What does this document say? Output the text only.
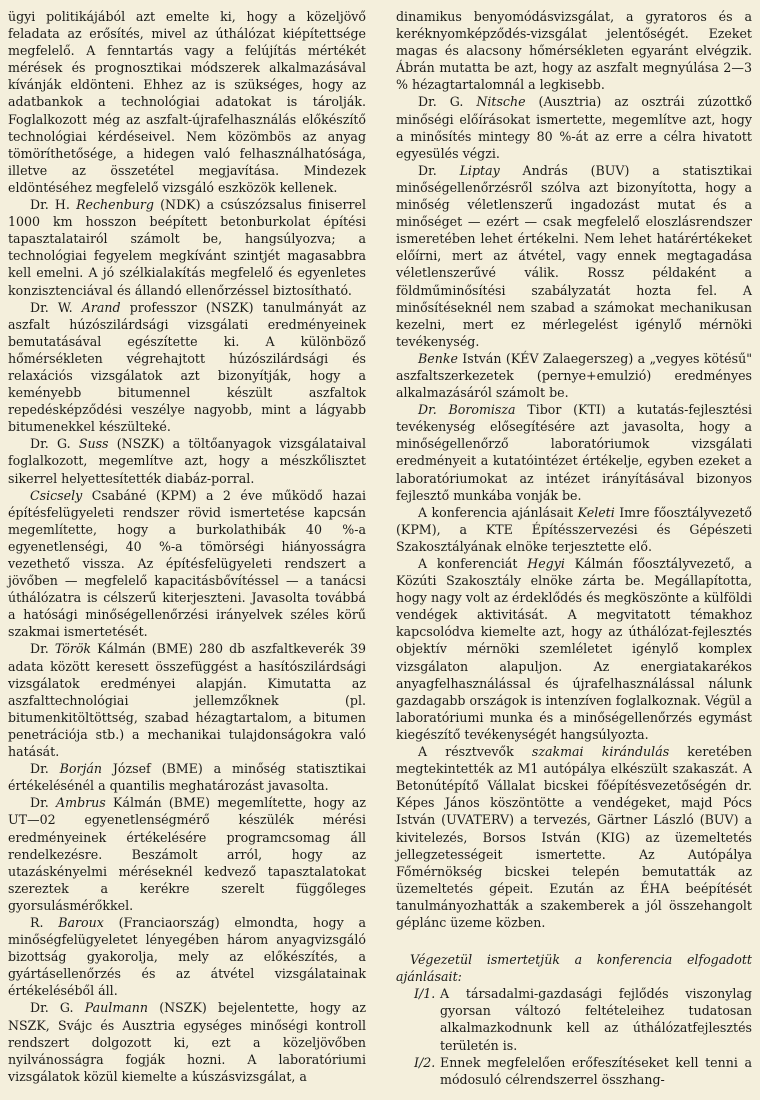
ügyi politikájából azt emelte ki, hogy a közeljövő feladata az erősítés, mivel az úthálózat kiépítettsége megfelelő. A fenntartás vagy a felújítás mértékét mérések és prognosztikai módszerek alkalmazásával kívánják eldönteni. Ehhez az is szükséges, hogy az adatbankok a technológiai adatokat is tárolják. Foglalkozott még az aszfalt-újrafelhasználás előkészítő technológiai kérdéseivel. Nem közömbös az anyag tömöríthetősége, a hidegen való felhasználhatósága, illetve az összetétel megjavítása. Mindezek eldöntéséhez megfelelő vizsgáló eszközök kellenek.

Dr. H. Rechenburg (NDK) a csúszózsalus finiserrel 1000 km hosszon beépített betonburkolat építési tapasztalatairól számolt be, hangsúlyozva; a technológiai fegyelem megkívánt szintjét magasabbra kell emelni. A jó szélkialakítás megfelelő és egyenletes konzisztenciával és állandó ellenőrzéssel biztosítható.

Dr. W. Arand professzor (NSZK) tanulmányát az aszfalt húzószilárdsági vizsgálati eredményeinek bemutatásával egészítette ki. A különböző hőmérsékleten végrehajtott húzószilárdsági és relaxációs vizsgálatok azt bizonyítják, hogy a keményebb bitumennel készült aszfaltok repedésképződési veszélye nagyobb, mint a lágyabb bitumenekkel készülteké.

Dr. G. Suss (NSZK) a töltőanyagok vizsgálataival foglalkozott, megemlítve azt, hogy a mészkőlisztet sikerrel helyettesítették diabáz-porral.

Csicsely Csabáné (KPM) a 2 éve működő hazai építésfelügyeleti rendszer rövid ismertetése kapcsán megemlítette, hogy a burkolathibák 40 %-a egyenetlenségi, 40 %-a tömörségi hiányosságra vezethető vissza. Az építésfelügyeleti rendszert a jövőben — megfelelő kapacitásbővítéssel — a tanácsi úthálózatra is célszerű kiterjeszteni. Javasolta továbbá a hatósági minőségellenőrzési irányelvek széles körű szakmai ismertetését.

Dr. Török Kálmán (BME) 280 db aszfaltkeverék 39 adata között keresett összefüggést a hasítószilárdsági vizsgálatok eredményei alapján. Kimutatta az aszfalttechnológiai jellemzőknek (pl. bitumenkitöltöttség, szabad hézagtartalom, a bitumen penetrációja stb.) a mechanikai tulajdonságokra való hatását.

Dr. Borján József (BME) a minőség statisztikai értékelésénél a quantilis meghatározást javasolta.

Dr. Ambrus Kálmán (BME) megemlítette, hogy az UT—02 egyenetlenségmérő készülék mérési eredményeinek értékelésére programcsomag áll rendelkezésre. Beszámolt arról, hogy az utazáskényelmi méréseknél kedvező tapasztalatokat szereztek a kerékre szerelt függőleges gyorsulásmérőkkel.

R. Baroux (Franciaország) elmondta, hogy a minőségfelügyeletet lényegében három anyagvizsgáló bizottság gyakorolja, mely az előkészítés, a gyártásellenőrzés és az átvétel vizsgálatainak értékeléséből áll.

Dr. G. Paulmann (NSZK) bejelentette, hogy az NSZK, Svájc és Ausztria egységes minőségi kontroll rendszert dolgozott ki, ezt a közeljövőben nyilvánosságra fogják hozni. A laboratóriumi vizsgálatok közül kiemelte a kúszásvizsgálat, a

dinamikus benyomódásvizsgálat, a gyratoros és a keréknyomképződés-vizsgálat jelentőségét. Ezeket magas és alacsony hőmérsékleten egyaránt elvégzik. Ábrán mutatta be azt, hogy az aszfalt megnyúlása 2—3 % hézagtartalomnál a legkisebb.

Dr. G. Nitsche (Ausztria) az osztrái zúzottkő minőségi előírásokat ismertette, megemlítve azt, hogy a minősítés mintegy 80 %-át az erre a célra hivatott egyesülés végzi.

Dr. Liptay András (BUV) a statisztikai minőségellenőrzésről szólva azt bizonyította, hogy a minőség véletlenszerű ingadozást mutat és a minőséget — ezért — csak megfelelő eloszlásrendszer ismeretében lehet értékelni. Nem lehet határértékeket előírni, mert az átvétel, vagy ennek megtagadása véletlenszerűvé válik. Rossz példaként a földműminősítési szabályzatát hozta fel. A minősítéseknél nem szabad a számokat mechanikusan kezelni, mert ez mérlegelést igénylő mérnöki tevékenység.

Benke István (KÉV Zalaegerszeg) a „vegyes kötésű" aszfaltszerkezetek (pernye+emulzió) eredményes alkalmazásáról számolt be.

Dr. Boromisza Tibor (KTI) a kutatás-fejlesztési tevékenység elősegítésére azt javasolta, hogy a minőségellenőrző laboratóriumok vizsgálati eredményeit a kutatóintézet értékelje, egyben ezeket a laboratóriumokat az intézet irányításával bizonyos fejlesztő munkába vonják be.

A konferencia ajánlásait Keleti Imre főosztályvezető (KPM), a KTE Építésszervezési és Gépészeti Szakosztályának elnöke terjesztette elő.

A konferenciát Hegyi Kálmán főosztályvezető, a Közúti Szakosztály elnöke zárta be. Megállapította, hogy nagy volt az érdeklődés és megköszönte a külföldi vendégek aktivitását. A megvitatott témakhoz kapcsolódva kiemelte azt, hogy az úthálózat-fejlesztés objektív mérnöki szemléletet igénylő komplex vizsgálaton alapuljon. Az energiatakarékos anyagfelhasználással és újrafelhasználással nálunk gazdagabb országok is intenzíven foglalkoznak. Végül a laboratóriumi munka és a minőségellenőrzés egymást kiegészítő tevékenységét hangsúlyozta.

A résztvevők szakmai kirándulás keretében megtekintették az M1 autópálya elkészült szakaszát. A Betonútépítő Vállalat bicskei főépítésvezetőségén dr. Képes János köszöntötte a vendégeket, majd Pócs István (UVATERV) a tervezés, Gärtner László (BUV) a kivitelezés, Borsos István (KIG) az üzemeltetés jellegzetességeit ismertette. Az Autópálya Főmérnökség bicskei telepén bemutatták az üzemeltetés gépeit. Ezután az ÉHA beépítését tanulmányozhatták a szakemberek a jól összehangolt géplánc üzeme közben.

Végezetül ismertetjük a konferencia elfogadott ajánlásait:

I/1. A társadalmi-gazdasági fejlődés viszonylag gyorsan változó feltételeihez tudatosan alkalmazkodnunk kell az úthálózatfejlesztés területén is.

I/2. Ennek megfelelően erőfeszítéseket kell tenni a módosuló célrendszerrel összhang-
